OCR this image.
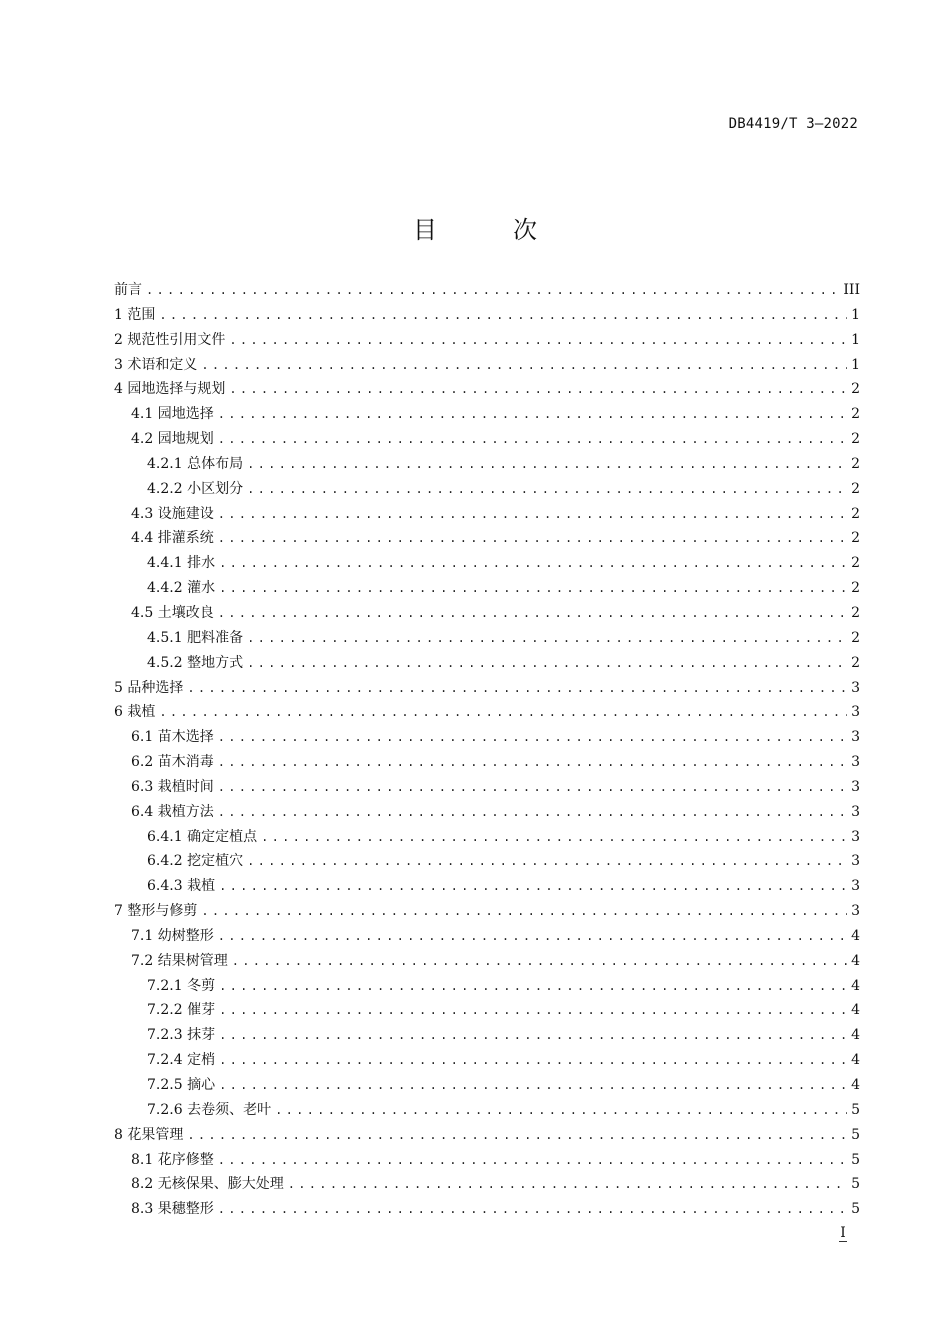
DB4419/T 3—2022
目　次
前言 .....	III
1 范围 .....	1
2 规范性引用文件 .....	1
3 术语和定义 .....	1
4 园地选择与规划 .....	2
4.1 园地选择 .....	2
4.2 园地规划 .....	2
4.2.1 总体布局 .....	2
4.2.2 小区划分 .....	2
4.3 设施建设 .....	2
4.4 排灌系统 .....	2
4.4.1 排水 .....	2
4.4.2 灌水 .....	2
4.5 土壤改良 .....	2
4.5.1 肥料准备 .....	2
4.5.2 整地方式 .....	2
5 品种选择 .....	3
6 栽植 .....	3
6.1 苗木选择 .....	3
6.2 苗木消毒 .....	3
6.3 栽植时间 .....	3
6.4 栽植方法 .....	3
6.4.1 确定定植点 .....	3
6.4.2 挖定植穴 .....	3
6.4.3 栽植 .....	3
7 整形与修剪 .....	3
7.1 幼树整形 .....	4
7.2 结果树管理 .....	4
7.2.1 冬剪 .....	4
7.2.2 催芽 .....	4
7.2.3 抹芽 .....	4
7.2.4 定梢 .....	4
7.2.5 摘心 .....	4
7.2.6 去卷须、老叶 .....	5
8 花果管理 .....	5
8.1 花序修整 .....	5
8.2 无核保果、膨大处理 .....	5
8.3 果穗整形 .....	5
I
